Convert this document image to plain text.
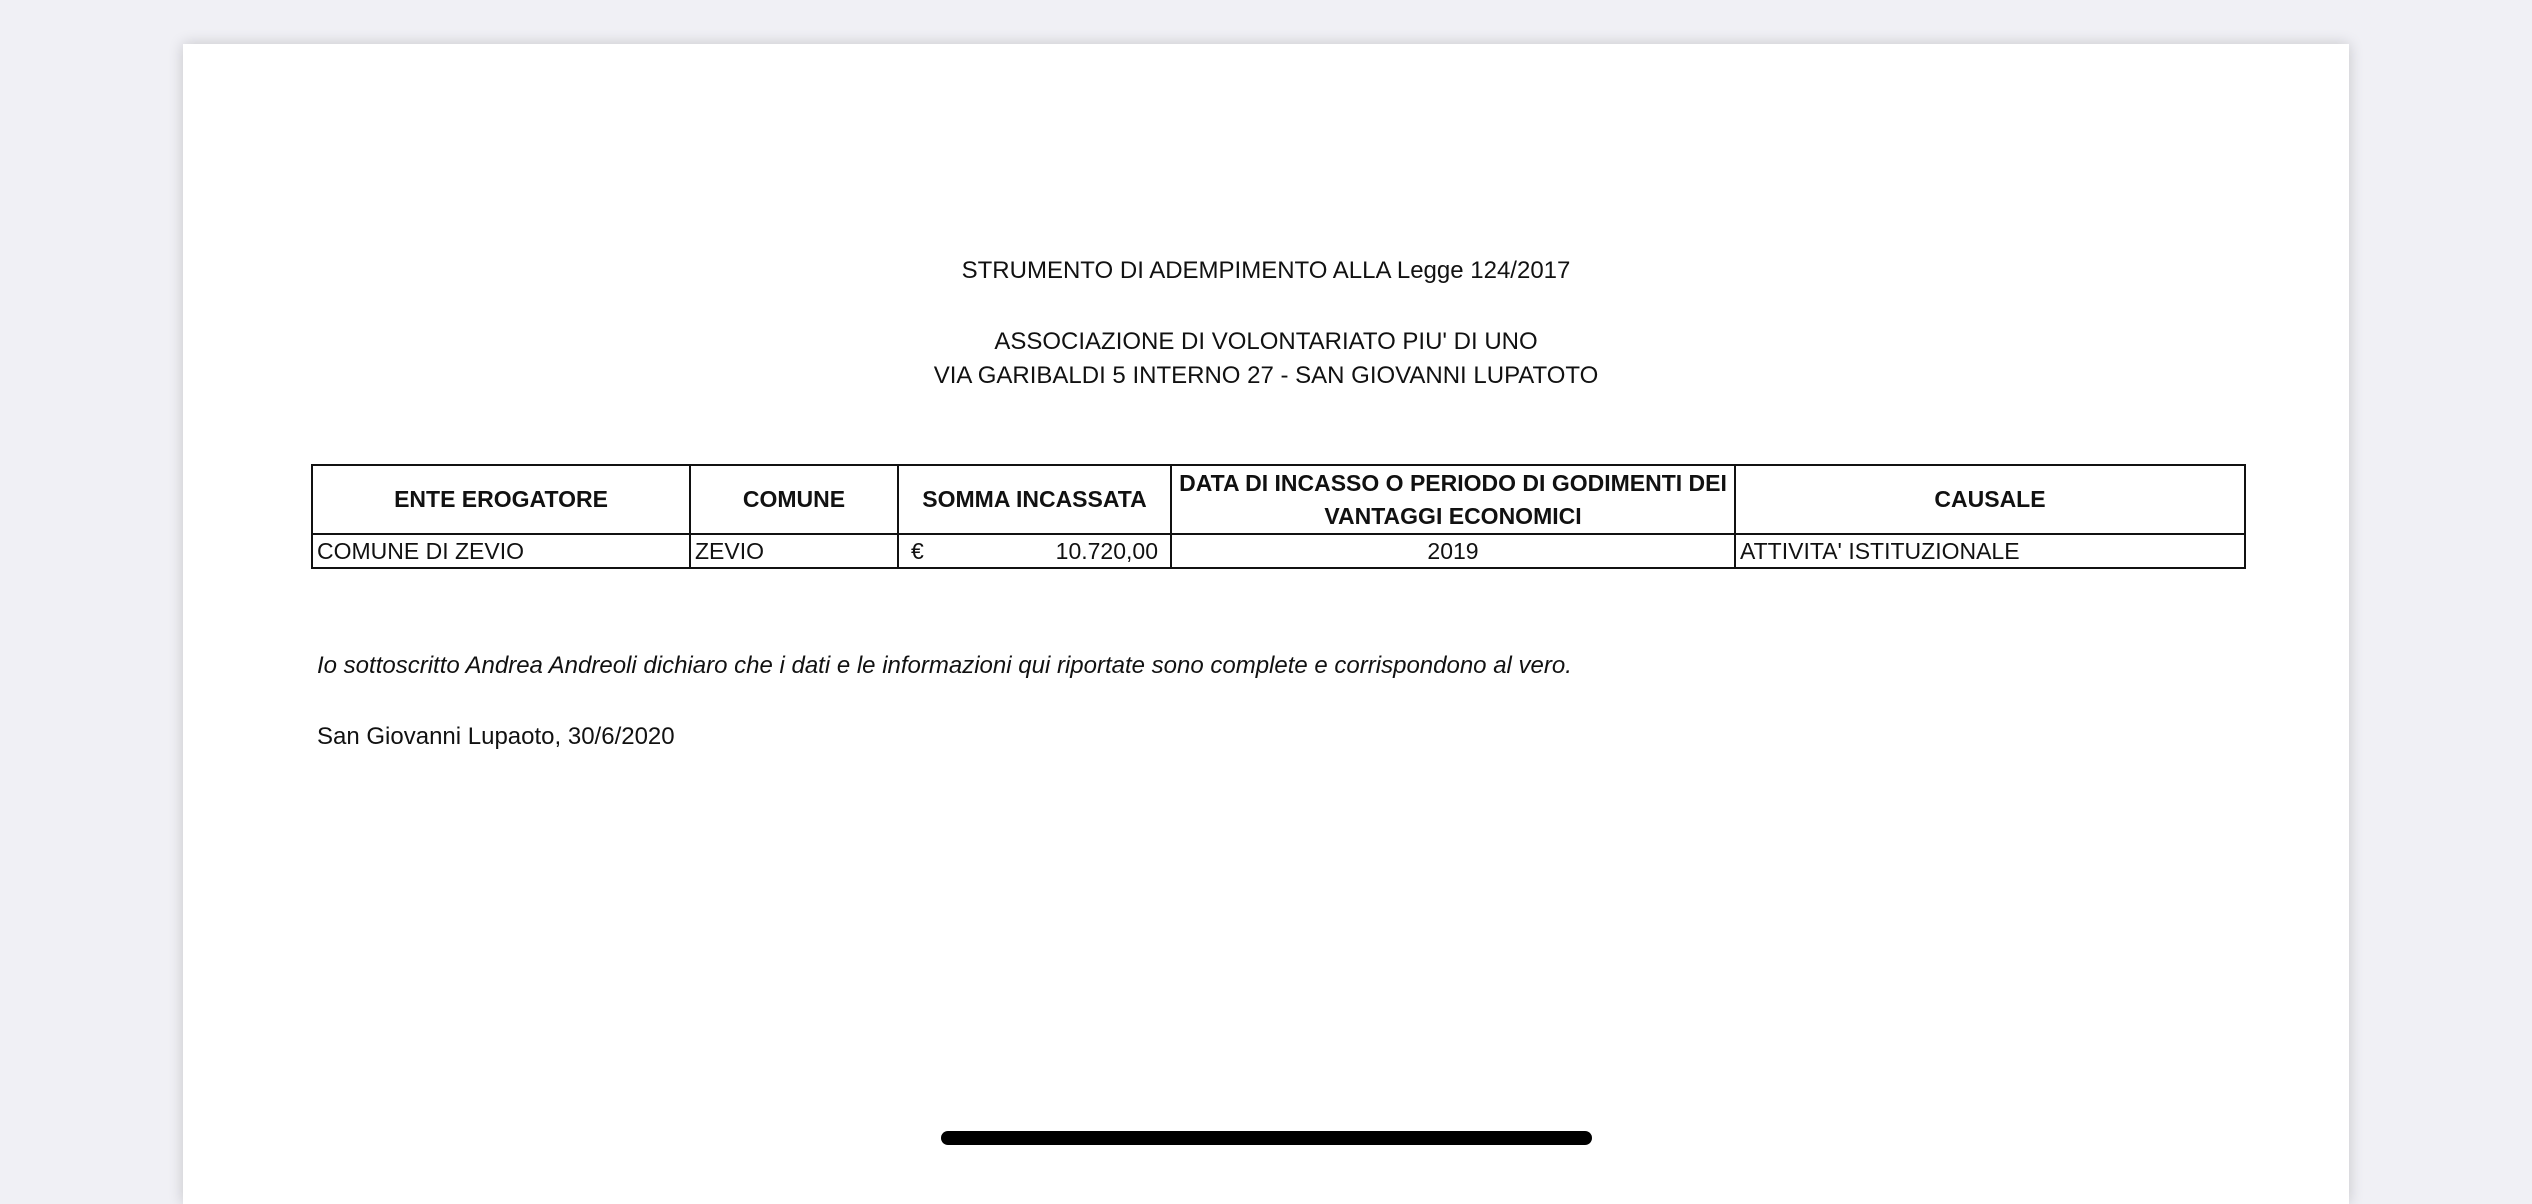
STRUMENTO DI ADEMPIMENTO ALLA Legge 124/2017
ASSOCIAZIONE DI VOLONTARIATO PIU' DI UNO
VIA GARIBALDI 5 INTERNO 27 - SAN GIOVANNI LUPATOTO
ENTE EROGATORE	COMUNE	SOMMA INCASSATA	DATA DI INCASSO O PERIODO DI GODIMENTI DEI VANTAGGI ECONOMICI	CAUSALE
COMUNE DI ZEVIO	ZEVIO	€ 10.720,00	2019	ATTIVITA' ISTITUZIONALE
Io sottoscritto Andrea Andreoli dichiaro che i dati e le informazioni qui riportate sono complete e corrispondono al vero.
San Giovanni Lupaoto, 30/6/2020
